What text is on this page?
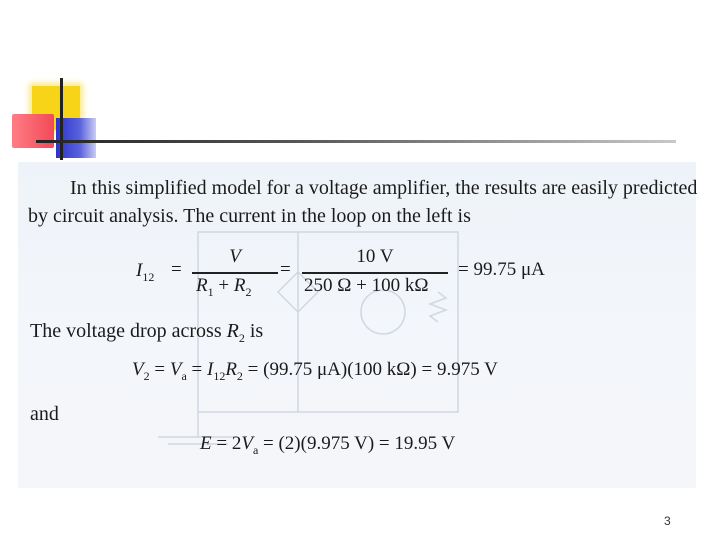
In this simplified model for a voltage amplifier, the results are easily predicted
by circuit analysis. The current in the loop on the left is
$I_{12}$ =
V
$R_1 + R_2$
=
10 V
250 Ω + 100 kΩ
= 99.75 μA
The voltage drop across $R_2$ is
$V_2 = V_a = I_{12}R_2 = (99.75$ μA)(100 kΩ) = 9.975 V
and
$E = 2V_a = (2)(9.975$ V) = 19.95 V
3
